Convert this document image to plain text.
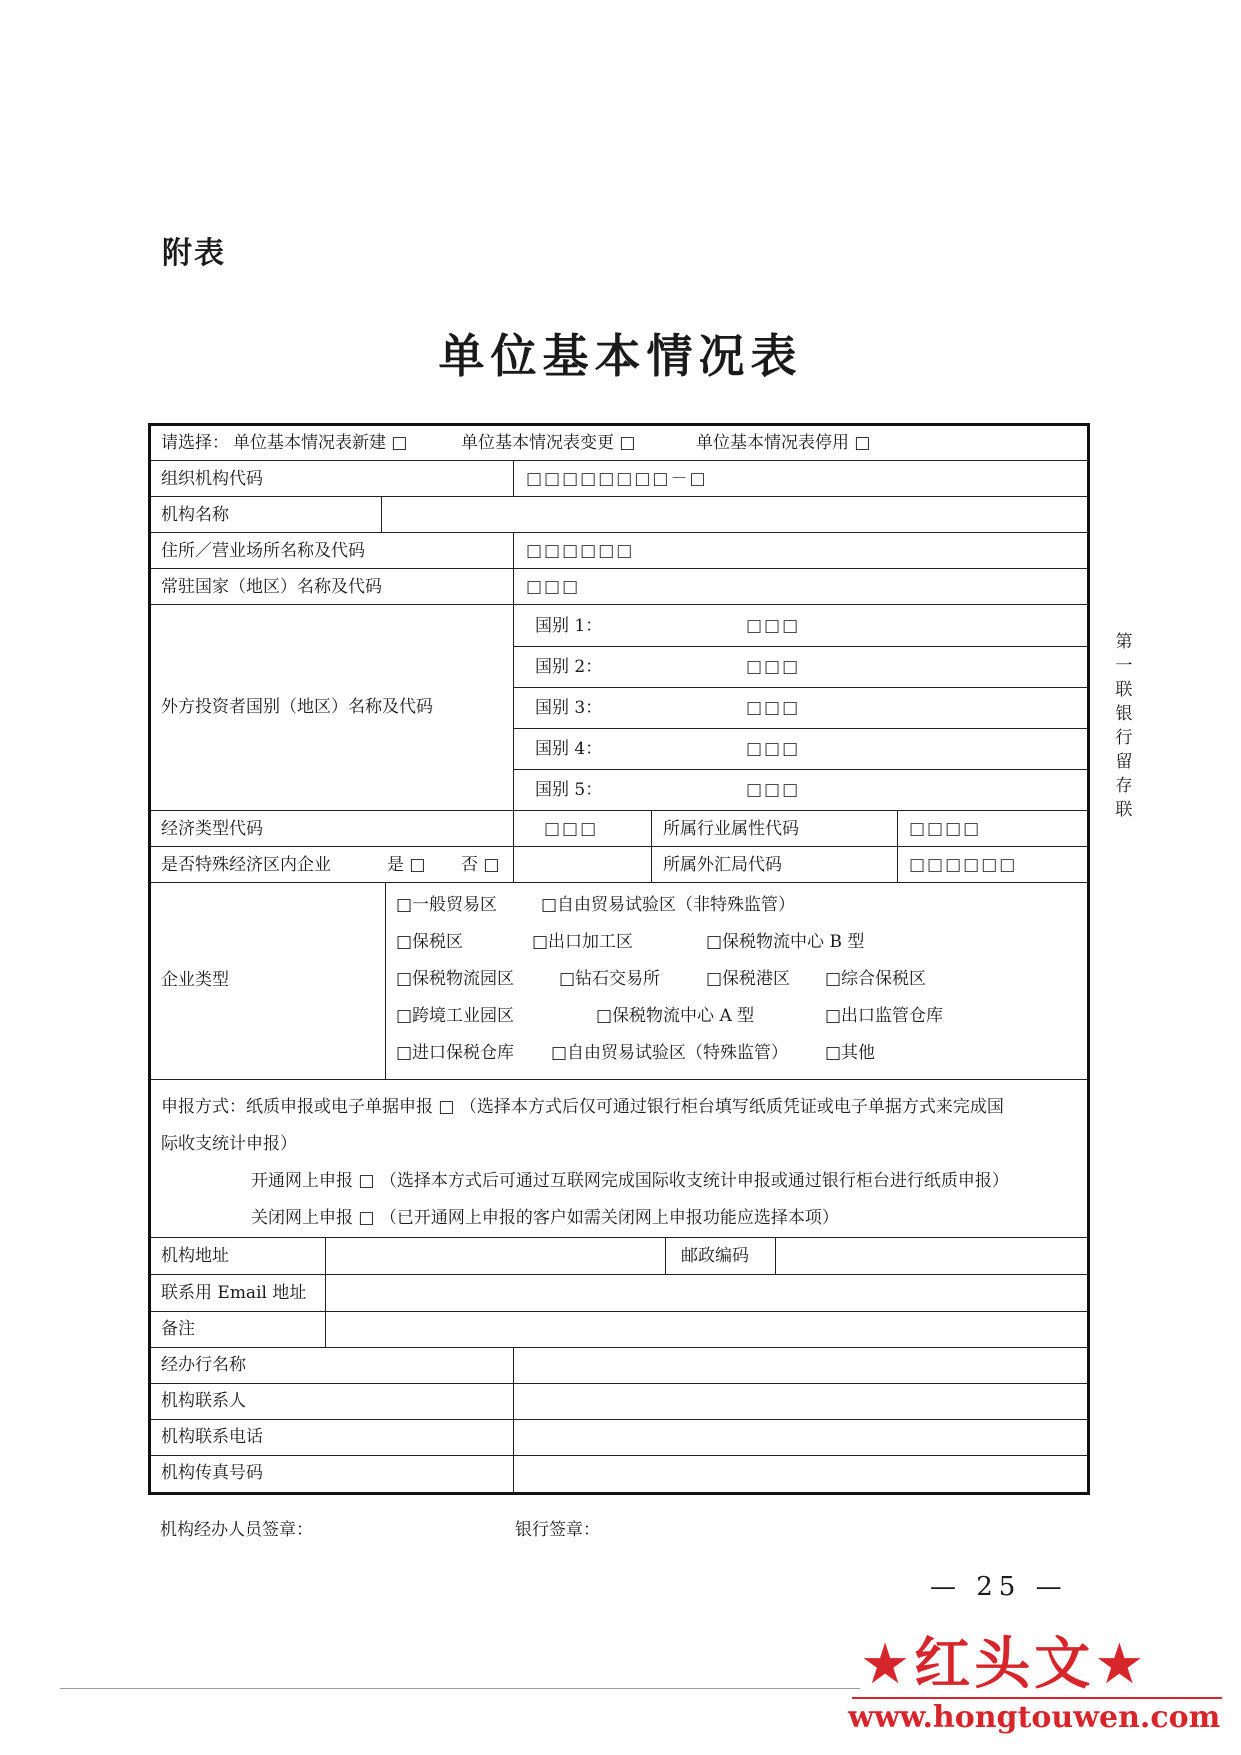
附表
单位基本情况表
请选择： 单位基本情况表新建 □	单位基本情况表变更 □	单位基本情况表停用 □
组织机构代码	□□□□□□□□－□
机构名称
住所／营业场所名称及代码	□□□□□□
常驻国家（地区）名称及代码	□□□
外方投资者国别（地区）名称及代码
国别 1：	□□□
国别 2：	□□□
国别 3：	□□□
国别 4：	□□□
国别 5：	□□□
经济类型代码	□□□	所属行业属性代码	□□□□
是否特殊经济区内企业	是 □ 否 □	所属外汇局代码	□□□□□□
企业类型
□一般贸易区	□自由贸易试验区（非特殊监管）
□保税区	□出口加工区	□保税物流中心 B 型
□保税物流园区	□钻石交易所	□保税港区 □综合保税区
□跨境工业园区	□保税物流中心 A 型	□出口监管仓库
□进口保税仓库 □自由贸易试验区（特殊监管） □其他
申报方式：纸质申报或电子单据申报 □ （选择本方式后仅可通过银行柜台填写纸质凭证或电子单据方式来完成国
际收支统计申报）
开通网上申报 □ （选择本方式后可通过互联网完成国际收支统计申报或通过银行柜台进行纸质申报）
关闭网上申报 □ （已开通网上申报的客户如需关闭网上申报功能应选择本项）
机构地址	邮政编码
联系用 Email 地址
备注
经办行名称
机构联系人
机构联系电话
机构传真号码
第
一
联
银
行
留
存
联
机构经办人员签章：	银行签章：
— 25 —
★红头文★
www.hongtouwen.com
